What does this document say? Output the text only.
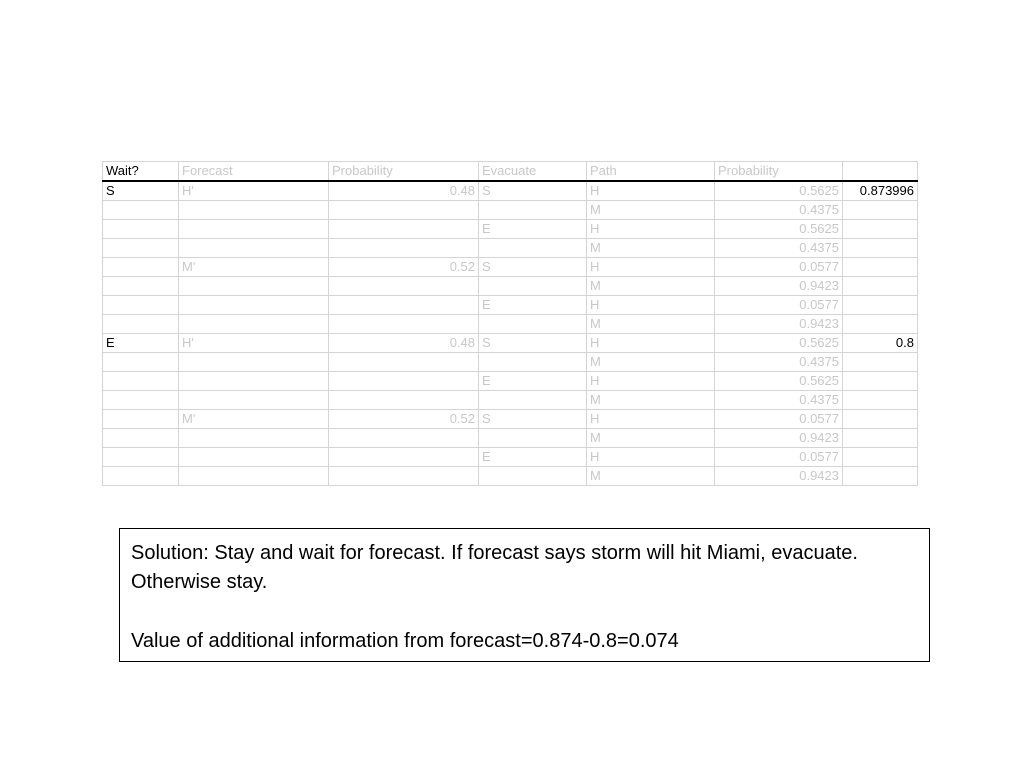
Wait?	Forecast	Probability	Evacuate	Path	Probability	
S	H'	0.48	S	H	0.5625	0.873996
				M	0.4375	
			E	H	0.5625	
				M	0.4375	
	M'	0.52	S	H	0.0577	
				M	0.9423	
			E	H	0.0577	
				M	0.9423	
E	H'	0.48	S	H	0.5625	0.8
				M	0.4375	
			E	H	0.5625	
				M	0.4375	
	M'	0.52	S	H	0.0577	
				M	0.9423	
			E	H	0.0577	
				M	0.9423	

Solution: Stay and wait for forecast. If forecast says storm will hit Miami, evacuate. Otherwise stay.

Value of additional information from forecast=0.874-0.8=0.074
